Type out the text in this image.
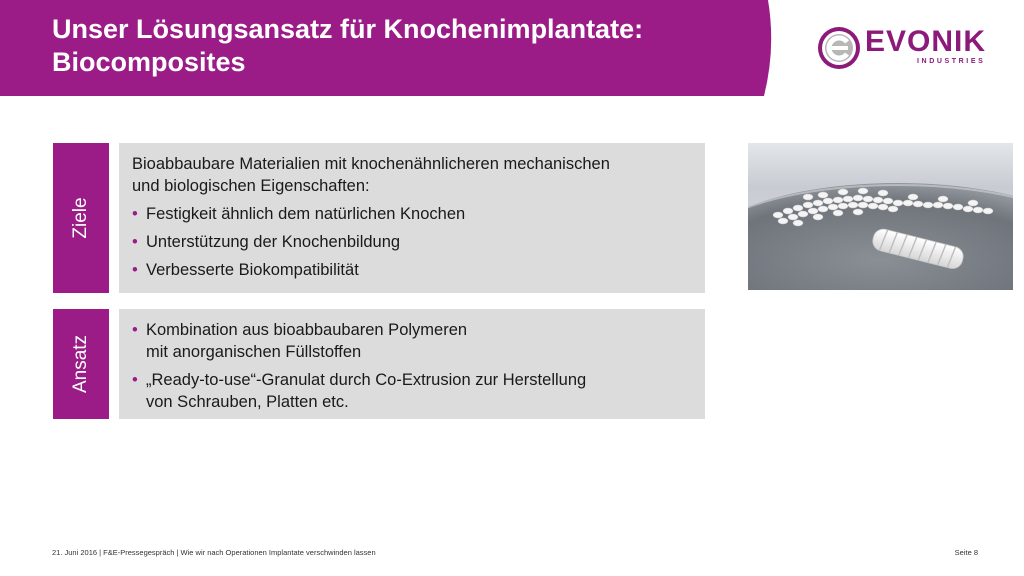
Unser Lösungsansatz für Knochenimplantate:
Biocomposites
EVONIK
INDUSTRIES
Ziele

Bioabbaubare Materialien mit knochenähnlicheren mechanischen
und biologischen Eigenschaften:

• Festigkeit ähnlich dem natürlichen Knochen
• Unterstützung der Knochenbildung
• Verbesserte Biokompatibilität
Ansatz
• Kombination aus bioabbaubaren Polymeren
mit anorganischen Füllstoffen
• „Ready-to-use“-Granulat durch Co-Extrusion zur Herstellung
von Schrauben, Platten etc.
21. Juni 2016 | F&E-Pressegespräch | Wie wir nach Operationen Implantate verschwinden lassen	Seite 8
